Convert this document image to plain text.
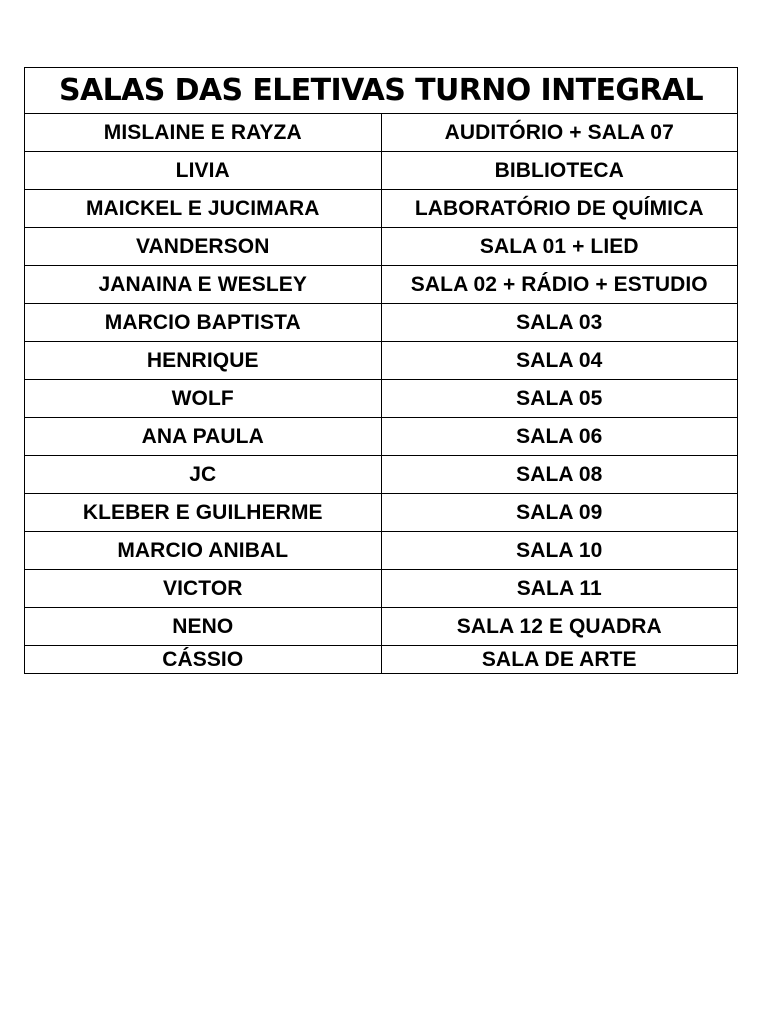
SALAS DAS ELETIVAS TURNO INTEGRAL	
MISLAINE E RAYZA	AUDITÓRIO + SALA 07
LIVIA	BIBLIOTECA
MAICKEL E JUCIMARA	LABORATÓRIO DE QUÍMICA
VANDERSON	SALA 01 + LIED
JANAINA E WESLEY	SALA 02 + RÁDIO + ESTUDIO
MARCIO BAPTISTA	SALA 03
HENRIQUE	SALA 04
WOLF	SALA 05
ANA PAULA	SALA 06
JC	SALA 08
KLEBER E GUILHERME	SALA 09
MARCIO ANIBAL	SALA 10
VICTOR	SALA 11
NENO	SALA 12 E QUADRA
CÁSSIO	SALA DE ARTE
